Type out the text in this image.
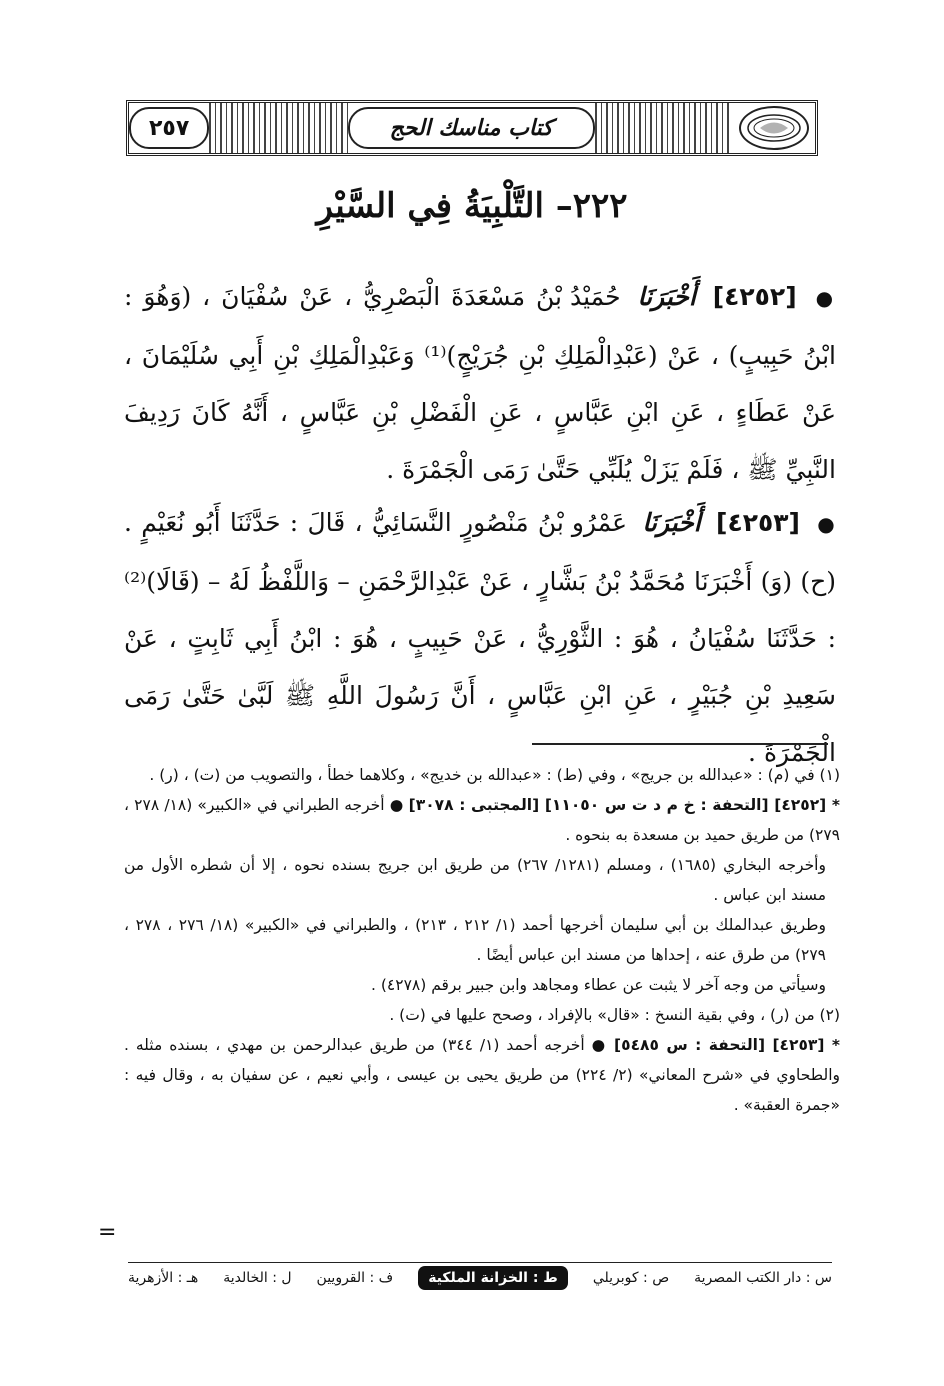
٢٥٧	كتاب مناسك الحج
٢٢٢– التَّلْبِيَةُ فِي السَّيْرِ
● [٤٢٥٢] أَخْبَرَنَا حُمَيْدُ بْنُ مَسْعَدَةَ الْبَصْرِيُّ ، عَنْ سُفْيَانَ ، (وَهُوَ : ابْنُ حَبِيبٍ) ، عَنْ (عَبْدِالْمَلِكِ بْنِ جُرَيْجٍ)⁽¹⁾ وَعَبْدِالْمَلِكِ بْنِ أَبِي سُلَيْمَانَ ، عَنْ عَطَاءٍ ، عَنِ ابْنِ عَبَّاسٍ ، عَنِ الْفَضْلِ بْنِ عَبَّاسٍ ، أَنَّهُ كَانَ رَدِيفَ النَّبِيِّ ﷺ ، فَلَمْ يَزَلْ يُلَبِّي حَتَّىٰ رَمَى الْجَمْرَةَ .
● [٤٢٥٣] أَخْبَرَنَا عَمْرُو بْنُ مَنْصُورٍ النَّسَائِيُّ ، قَالَ : حَدَّثَنَا أَبُو نُعَيْمٍ . (ح) (وَ) أَخْبَرَنَا مُحَمَّدُ بْنُ بَشَّارٍ ، عَنْ عَبْدِالرَّحْمَنِ – وَاللَّفْظُ لَهُ – (قَالَا)⁽²⁾ : حَدَّثَنَا سُفْيَانُ ، هُوَ : الثَّوْرِيُّ ، عَنْ حَبِيبٍ ، هُوَ : ابْنُ أَبِي ثَابِتٍ ، عَنْ سَعِيدِ بْنِ جُبَيْرٍ ، عَنِ ابْنِ عَبَّاسٍ ، أَنَّ رَسُولَ اللَّهِ ﷺ لَبَّىٰ حَتَّىٰ رَمَى الْجَمْرَةَ .

(١) في (م) : «عبدالله بن جريج» ، وفي (ط) : «عبدالله بن خديج» ، وكلاهما خطأ ، والتصويب من (ت) ، (ر) .

* [٤٢٥٢] [التحفة : خ م د ت س ١١٠٥٠] [المجتبى : ٣٠٧٨] ● أخرجه الطبراني في «الكبير» (١٨/ ٢٧٨ ، ٢٧٩) من طريق حميد بن مسعدة به بنحوه .

وأخرجه البخاري (١٦٨٥) ، ومسلم (١٢٨١/ ٢٦٧) من طريق ابن جريج بسنده نحوه ، إلا أن شطره الأول من مسند ابن عباس .

وطريق عبدالملك بن أبي سليمان أخرجها أحمد (١/ ٢١٢ ، ٢١٣) ، والطبراني في «الكبير» (١٨/ ٢٧٦ ، ٢٧٨ ، ٢٧٩) من طرق عنه ، إحداها من مسند ابن عباس أيضًا .

وسيأتي من وجه آخر لا يثبت عن عطاء ومجاهد وابن جبير برقم (٤٢٧٨) .

(٢) من (ر) ، وفي بقية النسخ : «قال» بالإفراد ، وصحح عليها في (ت) .

* [٤٢٥٣] [التحفة : س ٥٤٨٥] ● أخرجه أحمد (١/ ٣٤٤) من طريق عبدالرحمن بن مهدي ، بسنده مثله . والطحاوي في «شرح المعاني» (٢/ ٢٢٤) من طريق يحيى بن عيسى ، وأبي نعيم ، عن سفيان به ، وقال فيه : «جمرة العقبة» .

=
س : دار الكتب المصرية
ص : كوبريلي
ط : الخزانة الملكية
ف : القرويين
ل : الخالدية
هـ : الأزهرية
